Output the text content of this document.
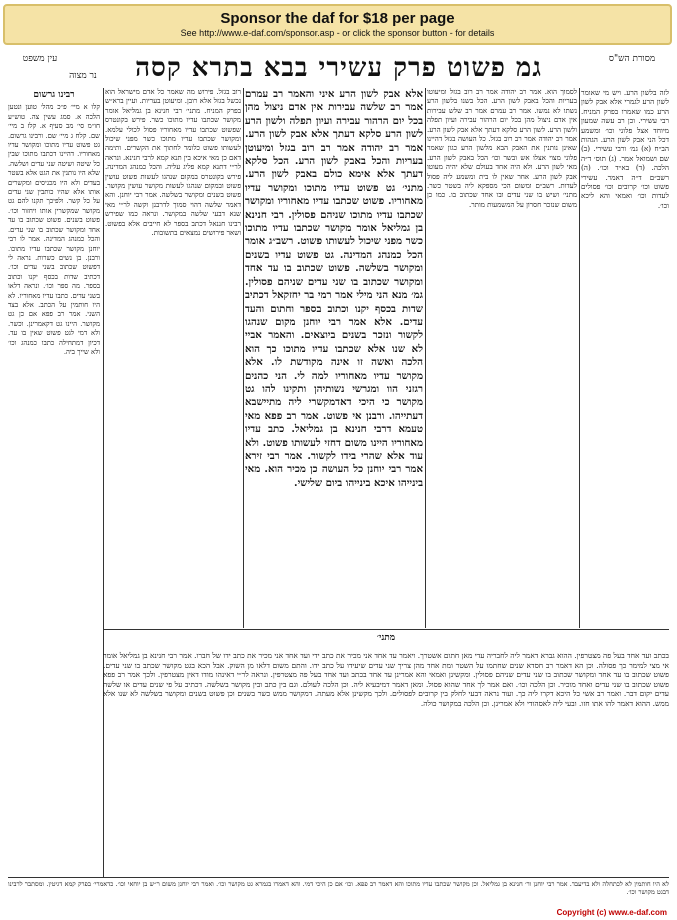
Sponsor the daf for $18 per page
See http://www.e-daf.com/sponsor.asp - or click the sponsor button - for details
מסורת הש"ס
גמ פשוט פרק עשירי בבא בתרא קסה
עין משפט
נר מצוה

לזה בלשון הרע. ויש מי שאומר לשון הרע לגמרי אלא אבק לשון הרע כמו שאמרו בפרק המניח. רבי עשירי. וכן רב עשה שמעון מיוחד אצל פלוני וכו׳ ומשמע דכל הני אבק לשון הרע. הגהות הב״ח (א) גמ׳ ורבי עשירי. (ב) שם ושמואל אמר. (ג) תוס׳ ד״ה הלכה. (ד) בא״ד וכו׳. (ה) רשב״ם ד״ה דאמר. עשירי פשוט וכו׳ קרובים וכו׳ פסולים לעדות וכו׳ ואמאי והא ליכא וכו׳.

לסמוך הוא. אמר רב יהודה אמר רב רוב בגזל ומיעוטו בעריות והכל באבק לשון הרע. הכל בשנו בלשון הרע נשתו לא נמשו. אמר רב עמרם אמר רב שלש עבירות אין אדם ניצול מהן בכל יום הרהור עבירה ועיון תפלה ולשון הרע. לשון הרע סלקא דעתך אלא אבק לשון הרע. אמר רב יהודה אמר רב רוב בגזל. כל העושה בגזל דהיינו שאינן נותנין את האבק הבא מלשון הרע כגון שאמר פלוני מצוי אצלו אש ובשר וכו׳ הכל באבק לשון הרע. מאי לשון הרע. ולא היה אחד בעולם שלא יהיה מעוטו אבק לשון הרע. אחר שאין לו בית ומשמע ליה פסול לעדות. רשב״ם ומשום הכי מספקא ליה בשטר כשר. מתני׳ ושיש בו שני עדים ובו אחד שכתוב בו. כמו כן משום שנזכר חסרון על המשמעות מותר.

אלא אבק לשון הרע איני והאמר רב עמרם אמר רב שלשה עבירות אין אדם ניצול מהן בכל יום הרהור עבירה ועיון תפלה ולשון הרע לשון הרע סלקא דעתך אלא אבק לשון הרע. אמר רב יהודה אמר רב רוב בגזל ומיעוטן בעריות והכל באבק לשון הרע. הכל סלקא דעתך אלא אימא כולם באבק לשון הרע. מתני׳ גט פשוט עדיו מתוכו ומקושר עדיו מאחוריו. פשוט שכתבו עדיו מאחוריו ומקושר שכתבו עדיו מתוכו שניהם פסולין. רבי חנינא בן גמליאל אומר מקושר שכתבו עדיו מתוכו כשר מפני שיכול לעשותו פשוט. רשב״ג אומר הכל כמנהג המדינה. גט פשוט עדיו בשנים ומקושר בשלשה. פשוט שכתוב בו עד אחד ומקושר שכתוב בו שני עדים שניהם פסולין. גמ׳ מנא הני מילי אמר רמי בר יחזקאל דכתיב שדות בכסף יקנו וכתוב בספר וחתום והעד עדים. אלא אמר רבי יוחנן מקום שנהגו לקשור ונזכר בשנים ביוצאים. והאמר אביי לא שנו אלא שכתבו עדיו מתוכו כך הוא הלכה ואשה זו אינה מקודשת לו. אלא מקושר עדיו מאחוריו למה לי. הני כהנים רגזני הוו ומגרשי נשותיהן ותקינו להו גט מקושר כי היכי דאדמקשרי ליה מתיישבא דעתייהו. ורבנן אי פשוט. אמר רב פפא מאי טעמא דרבי חנינא בן גמליאל. כתב עדיו מאחוריו היינו משום דחזי לעשותו פשוט. ולא עוד אלא שהרי בידו לקשור. אמר רבי זירא אמר רבי יוחנן כל העושה כן מכיר הוא. מאי בינייהו איכא בינייהו ביום שלישי.

רוב בגזל. פירוש מה שאמר כל אדם מישראל הוא נכשל בגזל אלא רובן. ומיעוטן בעריות. ועיין ברא״ש בפרק המניח. מתני׳ רבי חנינא בן גמליאל אומר מקושר שכתבו עדיו מתוכו כשר. פירש בקונטרס שפשוט שכתבו עדיו מאחוריו פסול לכולי עלמא. ומקושר שכתבו עדיו מתוכו כשר מפני שיכול לעשותו פשוט כלומר לחתוך את הקשרים. ותימה דאם כן מאי איכא בין תנא קמא לרבי חנינא. ונראה לר״י דתנא קמא פליג עליה. והכל כמנהג המדינה. פירש בקונטרס במקום שנהגו לעשות פשוט עושין פשוט ובמקום שנהגו לעשות מקושר עושין מקושר. פשוט בשנים ומקושר בשלשה. אמר רבי יוחנן. והא דאמר שלשה דהוי סמוך לדרבנן וקשה לר״י מאי שנא דבעי שלשה במקושר. ונראה כמו שפירש רבינו חננאל דכתב בספר לא חייבים אלא בפשוט. ושאר פירושים נמצאים בתשובות.

רבינו גרשום

קלו א מיי׳ פ״כ מהל׳ טוען ונטען הלכה א. סמג עשין צה. טוש״ע חו״מ סי׳ מב סעיף א. קלז ב מיי׳ שם. קלח ג מיי׳ שם. ורבינו גרשום. גט פשוט עדיו מתוכו ומקושר עדיו מאחוריו. דהיינו דכתבו מתוכו שבין כל שיטה ושיטה שני עדים ושלשה. שלא היו נותנין את הגט אלא בשטר בעדים ולא היו מכניסים ומקשרים אותו אלא שהיו כותבין שני עדים על כל קשר. ולפיכך תקנו להם גט מקושר שמקשרין אותו ויחזור וכו׳. פשוט בשנים. פשוט שכתוב בו עד אחד ומקושר שכתוב בו שני עדים. והכל כמנהג המדינה. אמר לו רבי יוחנן מקושר שכתבו עדיו מתוכו. ורבנן. בן נשים כשרות. נראה לי דפשוט שכתוב בשני עדים וכו׳. דכתיב שדות בכסף יקנו וכתוב בספר. מה ספר וכו׳. ונראה דלאו בשני עדים. כתבו עדיו מאחוריו. לא היו חותמין על הכתב. אלא בצד השני. אמר רב פפא אם כן גט מקושר. היינו גט דקאמרינן. וכשר. ולא דמי לגט פשוט שאין בו עד. דכיון דמתחילה כתבו כמנהג וכו׳ ולא שייך ביה.

מתני׳

בכתב ועד אחד בעל פה מצטרפין. ההוא גברא דאמר ליה לחבריה עדי מאן חתום אשטרך. ויאמר עד אחד אני מכיר את כתב ידי ועד אחד אני מכיר את כתב ידו של חברו. אמר רבי חנינא בן גמליאל אומר אי מצי למימר כך פסולה. וכן הא דאמר רב חסדא שנים שחתמו על השטר ומת אחד מהן צריך שני עדים שיעידו על כתב ידו. והתם משום דלאו מן השוק. אבל הכא בגט מקושר שכתב בו שני עדים. פשוט שכתוב בו עד אחד ומקושר שכתוב בו שני עדים שניהם פסולין. ומקשינן ואמאי והא אמרינן עד אחד בכתב ועד אחד בעל פה מצטרפין. ונראה לר״י דאינהו מודו דאין מצטרפין. ולכך אמר רב פפא פשוט שכתוב בו שני עדים ואחד מוכיר. וכן הלכה וכו׳. ואם אמר לך אחד שהוא פסול. ומאן דאמר דמיבעיא ליה. וכן הלכה לעולם. וגם בין כתב ובין מקושר בשלשה. דכתיב על פי שנים עדים או שלשה עדים יקום דבר. ואמר רב אשי כל היכא דקרו ליה כך. ועוד נראה דבעי לחלק בין קרובים לפסולים. ולכך מקשינן אלא מעתה. דמקושר ממש כשר בשנים וכן פשוט בשנים ומקושר בשלשה לא שנו אלא ממש. ההוא דאמר להו אתו חזו. ובעי ליה לאסהודי ולא אמרינן. וכן הלכה במקושר כולה.

לא היו חותמין לא לכתחלה ולא בדיעבד. אמר רבי יוחנן ור׳ חנינא בן גמליאל. וכן מקושר שכתבו עדיו מתוכו והא דאמר רב פפא. וכו׳ אם כן היכי דמי. והא דאמרו בגמרא גט מקושר וכו׳. ואמר רבי יוחנן משום ר״ש בן יוחאי וכו׳. כדאמרי׳ בפרק קמא דגיטין. ומסתבר לרבינו דבגט מקושר וכו׳.
Copyright (c) www.e-daf.com
